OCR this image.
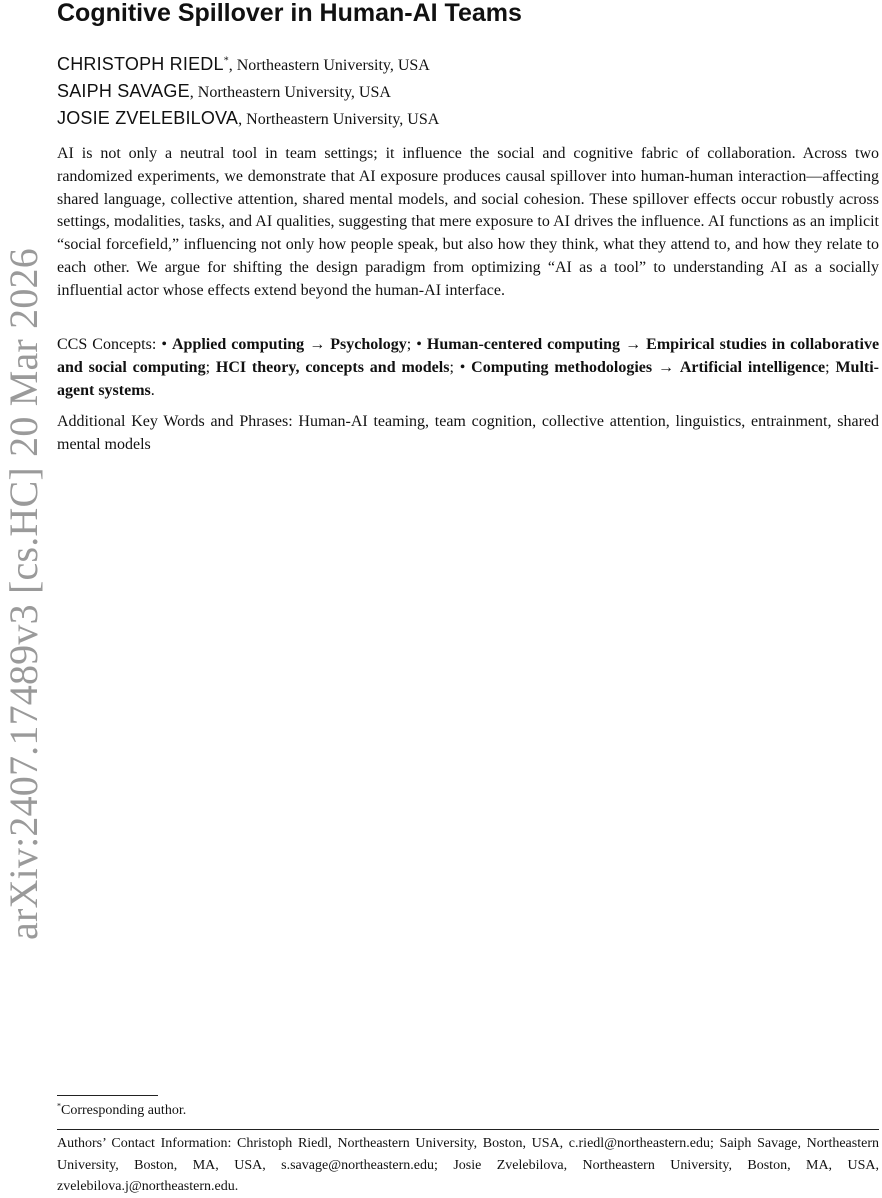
arXiv:2407.17489v3 [cs.HC] 20 Mar 2026
Cognitive Spillover in Human-AI Teams
CHRISTOPH RIEDL*, Northeastern University, USA
SAIPH SAVAGE, Northeastern University, USA
JOSIE ZVELEBILOVA, Northeastern University, USA

AI is not only a neutral tool in team settings; it influence the social and cognitive fabric of collaboration. Across two randomized experiments, we demonstrate that AI exposure produces causal spillover into human-human interaction—affecting shared language, collective attention, shared mental models, and social cohesion. These spillover effects occur robustly across settings, modalities, tasks, and AI qualities, suggesting that mere exposure to AI drives the influence. AI functions as an implicit “social forcefield,” influencing not only how people speak, but also how they think, what they attend to, and how they relate to each other. We argue for shifting the design paradigm from optimizing “AI as a tool” to understanding AI as a socially influential actor whose effects extend beyond the human-AI interface.

CCS Concepts: • Applied computing → Psychology; • Human-centered computing → Empirical studies in collaborative and social computing; HCI theory, concepts and models; • Computing methodologies → Artificial intelligence; Multi-agent systems.

Additional Key Words and Phrases: Human-AI teaming, team cognition, collective attention, linguistics, entrainment, shared mental models

*Corresponding author.

Authors’ Contact Information: Christoph Riedl, Northeastern University, Boston, USA, c.riedl@northeastern.edu; Saiph Savage, Northeastern University, Boston, MA, USA, s.savage@northeastern.edu; Josie Zvelebilova, Northeastern University, Boston, MA, USA, zvelebilova.j@northeastern.edu.
